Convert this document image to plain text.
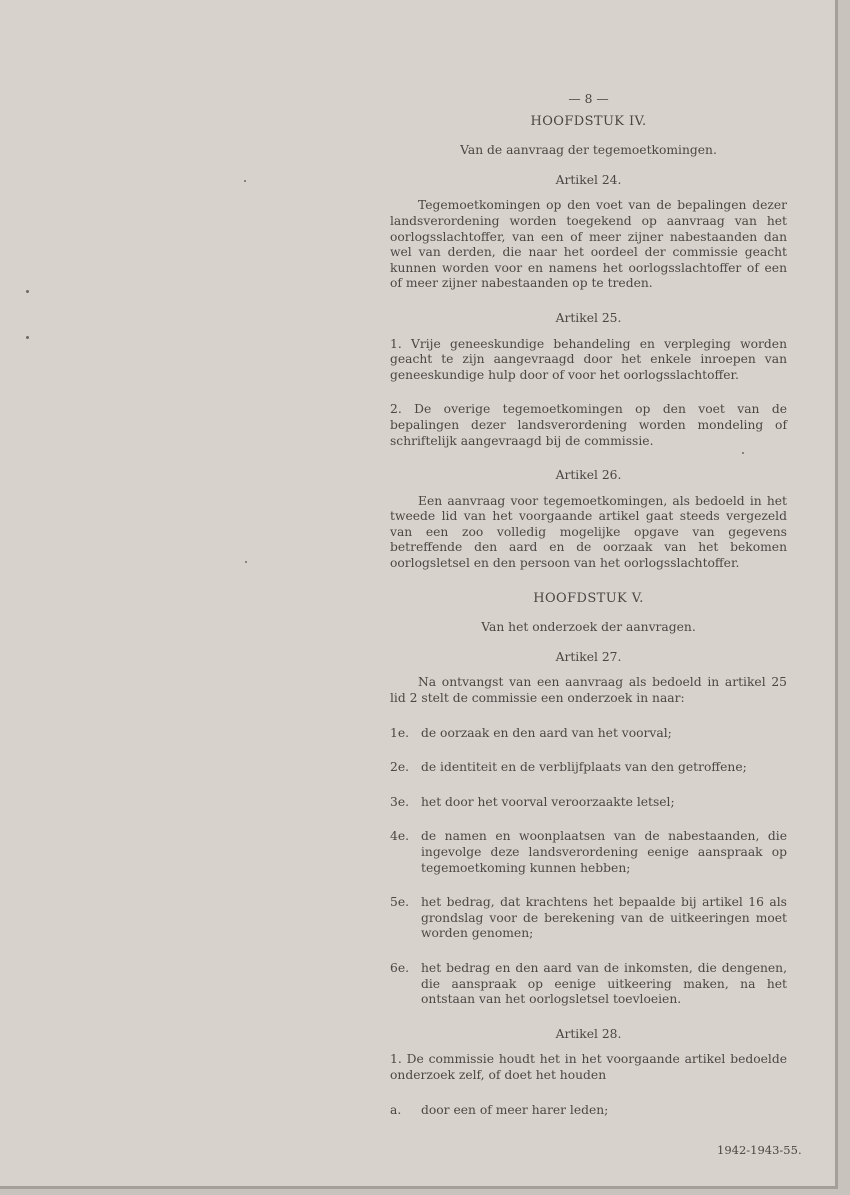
— 8 —
HOOFDSTUK IV.
Van de aanvraag der tegemoetkomingen.
Artikel 24.
Tegemoetkomingen op den voet van de bepalingen dezer landsverordening worden toegekend op aanvraag van het oorlogsslachtoffer, van een of meer zijner nabestaanden dan wel van derden, die naar het oordeel der commissie geacht kunnen worden voor en namens het oorlogsslachtoffer of een of meer zijner nabestaanden op te treden.
Artikel 25.
1. Vrije geneeskundige behandeling en verpleging worden geacht te zijn aangevraagd door het enkele inroepen van geneeskundige hulp door of voor het oorlogsslachtoffer.
2. De overige tegemoetkomingen op den voet van de bepalingen dezer landsverordening worden mondeling of schriftelijk aangevraagd bij de commissie.
Artikel 26.
Een aanvraag voor tegemoetkomingen, als bedoeld in het tweede lid van het voorgaande artikel gaat steeds vergezeld van een zoo volledig mogelijke opgave van gegevens betreffende den aard en de oorzaak van het bekomen oorlogsletsel en den persoon van het oorlogsslachtoffer.
HOOFDSTUK V.
Van het onderzoek der aanvragen.
Artikel 27.
Na ontvangst van een aanvraag als bedoeld in artikel 25 lid 2 stelt de commissie een onderzoek in naar:
1e. de oorzaak en den aard van het voorval;
2e. de identiteit en de verblijfplaats van den getroffene;
3e. het door het voorval veroorzaakte letsel;
4e. de namen en woonplaatsen van de nabestaanden, die ingevolge deze landsverordening eenige aanspraak op tegemoetkoming kunnen hebben;
5e. het bedrag, dat krachtens het bepaalde bij artikel 16 als grondslag voor de berekening van de uitkeeringen moet worden genomen;
6e. het bedrag en den aard van de inkomsten, die dengenen, die aanspraak op eenige uitkeering maken, na het ontstaan van het oorlogsletsel toevloeien.
Artikel 28.
1. De commissie houdt het in het voorgaande artikel bedoelde onderzoek zelf, of doet het houden
a.	door een of meer harer leden;
1942-1943-55.
